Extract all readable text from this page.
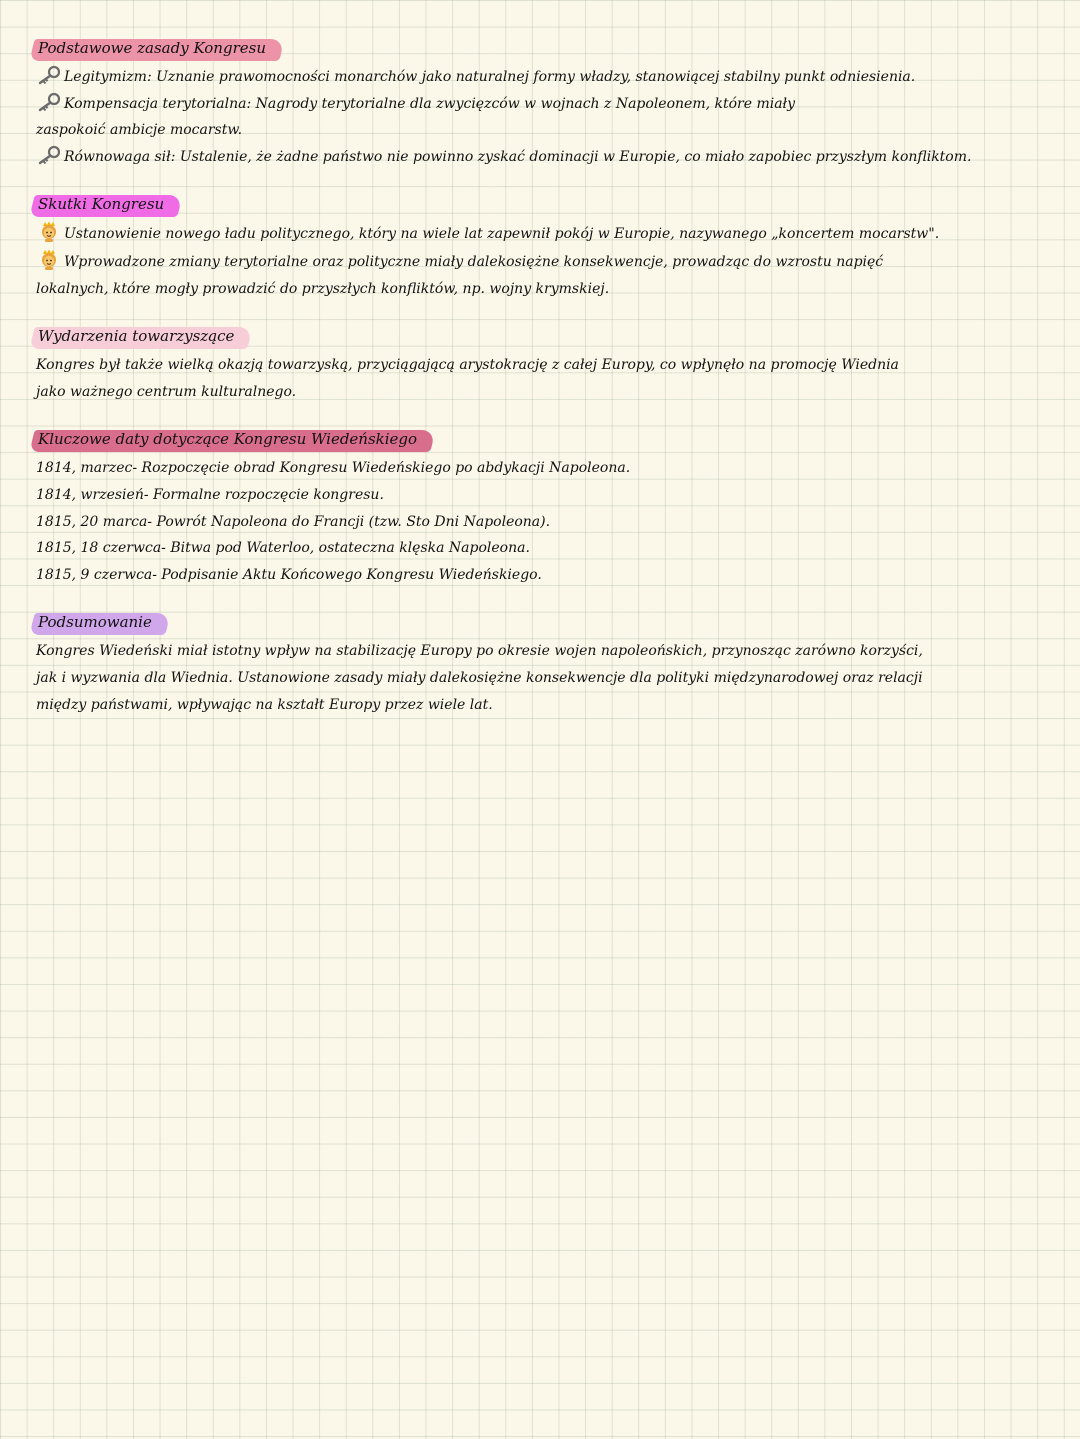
Podstawowe zasady Kongresu
Legitymizm: Uznanie prawomocności monarchów jako naturalnej formy władzy, stanowiącej stabilny punkt odniesienia.
Kompensacja terytorialna: Nagrody terytorialne dla zwycięzców w wojnach z Napoleonem, które miały zaspokoić ambicje mocarstw.
Równowaga sił: Ustalenie, że żadne państwo nie powinno zyskać dominacji w Europie, co miało zapobiec przyszłym konfliktom.
Skutki Kongresu
Ustanowienie nowego ładu politycznego, który na wiele lat zapewnił pokój w Europie, nazywanego „koncertem mocarstw".
Wprowadzone zmiany terytorialne oraz polityczne miały dalekosiężne konsekwencje, prowadząc do wzrostu napięć lokalnych, które mogły prowadzić do przyszłych konfliktów, np. wojny krymskiej.
Wydarzenia towarzyszące
Kongres był także wielką okazją towarzyską, przyciągającą arystokrację z całej Europy, co wpłynęło na promocję Wiednia jako ważnego centrum kulturalnego.
Kluczowe daty dotyczące Kongresu Wiedeńskiego
1814, marzec- Rozpoczęcie obrad Kongresu Wiedeńskiego po abdykacji Napoleona.
1814, wrzesień- Formalne rozpoczęcie kongresu.
1815, 20 marca- Powrót Napoleona do Francji (tzw. Sto Dni Napoleona).
1815, 18 czerwca- Bitwa pod Waterloo, ostateczna klęska Napoleona.
1815, 9 czerwca- Podpisanie Aktu Końcowego Kongresu Wiedeńskiego.
Podsumowanie
Kongres Wiedeński miał istotny wpływ na stabilizację Europy po okresie wojen napoleońskich, przynosząc zarówno korzyści, jak i wyzwania dla Wiednia. Ustanowione zasady miały dalekosiężne konsekwencje dla polityki międzynarodowej oraz relacji między państwami, wpływając na kształt Europy przez wiele lat.
